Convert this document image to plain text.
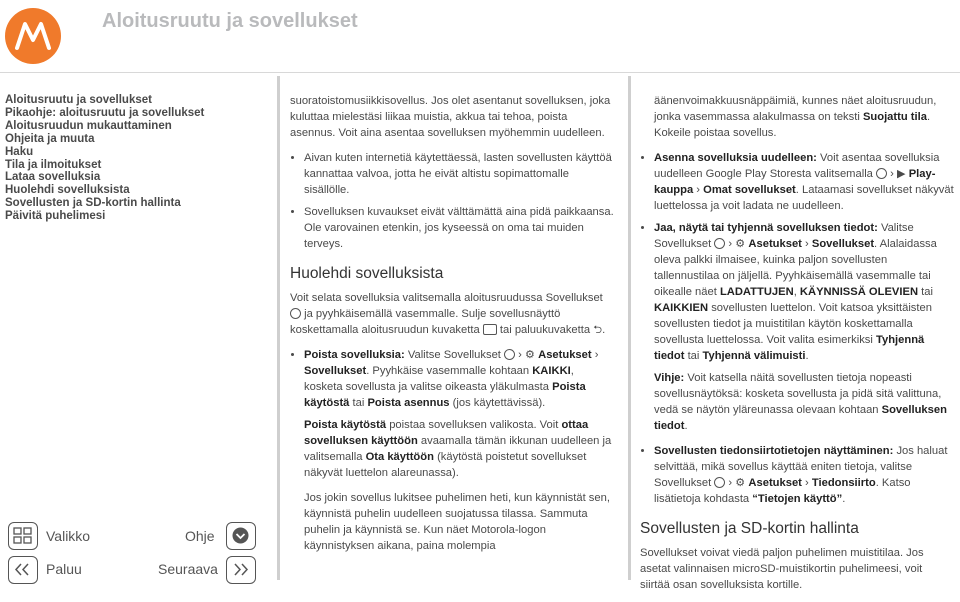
Aloitusruutu ja sovellukset
Aloitusruutu ja sovellukset
Pikaohje: aloitusruutu ja sovellukset
Aloitusruudun mukauttaminen
Ohjeita ja muuta
Haku
Tila ja ilmoitukset
Lataa sovelluksia
Huolehdi sovelluksista
Sovellusten ja SD-kortin hallinta
Päivitä puhelimesi
Valikko	Ohje
Paluu	Seuraava

suoratoistomusiikkisovellus. Jos olet asentanut sovelluksen, joka kuluttaa mielestäsi liikaa muistia, akkua tai tehoa, poista asennus. Voit aina asentaa sovelluksen myöhemmin uudelleen.

• Aivan kuten internetiä käytettäessä, lasten sovellusten käyttöä kannattaa valvoa, jotta he eivät altistu sopimattomalle sisällölle.
• Sovelluksen kuvaukset eivät välttämättä aina pidä paikkaansa. Ole varovainen etenkin, jos kyseessä on oma tai muiden terveys.
Huolehdi sovelluksista

Voit selata sovelluksia valitsemalla aloitusruudussa Sovellukset  ja pyyhkäisemällä vasemmalle. Sulje sovellusnäyttö koskettamalla aloitusruudun kuvaketta tai paluukuvaketta ⮌.

• Poista sovelluksia: Valitse Sovellukset  › ⚙ Asetukset › Sovellukset. Pyyhkäise vasemmalle kohtaan KAIKKI, kosketa sovellusta ja valitse oikeasta yläkulmasta Poista käytöstä tai Poista asennus (jos käytettävissä).

Poista käytöstä poistaa sovelluksen valikosta. Voit ottaa sovelluksen käyttöön avaamalla tämän ikkunan uudelleen ja valitsemalla Ota käyttöön (käytöstä poistetut sovellukset näkyvät luettelon alareunassa).

Jos jokin sovellus lukitsee puhelimen heti, kun käynnistät sen, käynnistä puhelin uudelleen suojatussa tilassa. Sammuta puhelin ja käynnistä se. Kun näet Motorola-logon käynnistyksen aikana, paina molempia

äänenvoimakkuusnäppäimiä, kunnes näet aloitusruudun, jonka vasemmassa alakulmassa on teksti Suojattu tila. Kokeile poistaa sovellus.

• Asenna sovelluksia uudelleen: Voit asentaa sovelluksia uudelleen Google Play Storesta valitsemalla  › ▶ Play-kauppa › Omat sovellukset. Lataamasi sovellukset näkyvät luettelossa ja voit ladata ne uudelleen.
• Jaa, näytä tai tyhjennä sovelluksen tiedot: Valitse Sovellukset  › ⚙ Asetukset › Sovellukset. Alalaidassa oleva palkki ilmaisee, kuinka paljon sovellusten tallennustilaa on jäljellä. Pyyhkäisemällä vasemmalle tai oikealle näet LADATTUJEN, KÄYNNISSÄ OLEVIEN tai KAIKKIEN sovellusten luettelon. Voit katsoa yksittäisten sovellusten tiedot ja muistitilan käytön koskettamalla sovellusta luettelossa. Voit valita esimerkiksi Tyhjennä tiedot tai Tyhjennä välimuisti.

Vihje: Voit katsella näitä sovellusten tietoja nopeasti sovellusnäytöksä: kosketa sovellusta ja pidä sitä valittuna, vedä se näytön yläreunassa olevaan kohtaan Sovelluksen tiedot.

• Sovellusten tiedonsiirtotietojen näyttäminen: Jos haluat selvittää, mikä sovellus käyttää eniten tietoja, valitse Sovellukset  › ⚙ Asetukset › Tiedonsiirto. Katso lisätietoja kohdasta “Tietojen käyttö”.
Sovellusten ja SD-kortin hallinta

Sovellukset voivat viedä paljon puhelimen muistitilaa. Jos asetat valinnaisen microSD-muistikortin puhelimeesi, voit siirtää osan sovelluksista kortille.
